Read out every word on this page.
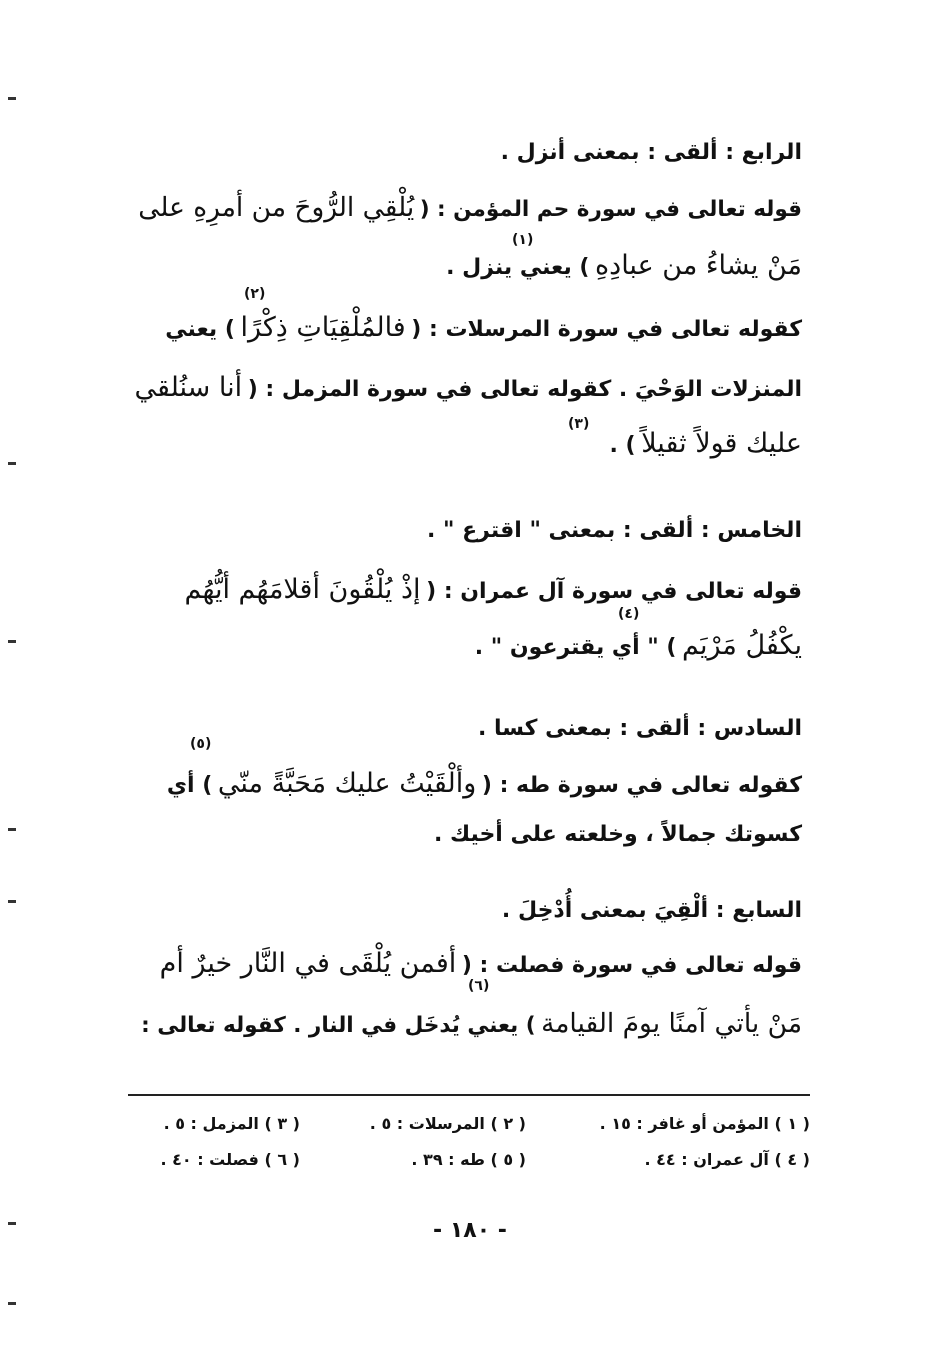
الرابع : ألقى : بمعنى أنزل .
قوله تعالى في سورة حم المؤمن : ( يُلْقِي الرُّوحَ من أمرِهِ على
مَنْ يشاءُ من عبادِهِ ) يعني ينزل .
كقوله تعالى في سورة المرسلات : ( فالمُلْقِيَاتِ ذِكْرًا ) يعني
المنزلات الوَحْيَ . كقوله تعالى في سورة المزمل : ( أنا سنُلقي
عليك قولاً ثقيلاً ) .
(١)
(٢)
(٣)
الخامس : ألقى : بمعنى " اقترع " .
قوله تعالى في سورة آل عمران : ( إذْ يُلْقُونَ أقلامَهُم أيُّهُم
يكْفُلُ مَرْيَم ) " أي يقترعون " .
(٤)
السادس : ألقى : بمعنى كسا .
كقوله تعالى في سورة طه : ( وألْقَيْتُ عليك مَحَبَّةً منّي ) أي
كسوتك جمالاً ، وخلعته على أخيك .
(٥)
السابع : ألْقِيَ بمعنى أُدْخِلَ .
قوله تعالى في سورة فصلت : ( أفمن يُلْقَى في النَّار خيرٌ أم
مَنْ يأتي آمنًا يومَ القيامة ) يعني يُدخَل في النار . كقوله تعالى :
(٦)
( ١ ) المؤمن أو غافر : ١٥ .
( ٢ ) المرسلات : ٥ .
( ٣ ) المزمل : ٥ .
( ٤ ) آل عمران : ٤٤ .
( ٥ ) طه : ٣٩ .
( ٦ ) فصلت : ٤٠ .
- ١٨٠ -
